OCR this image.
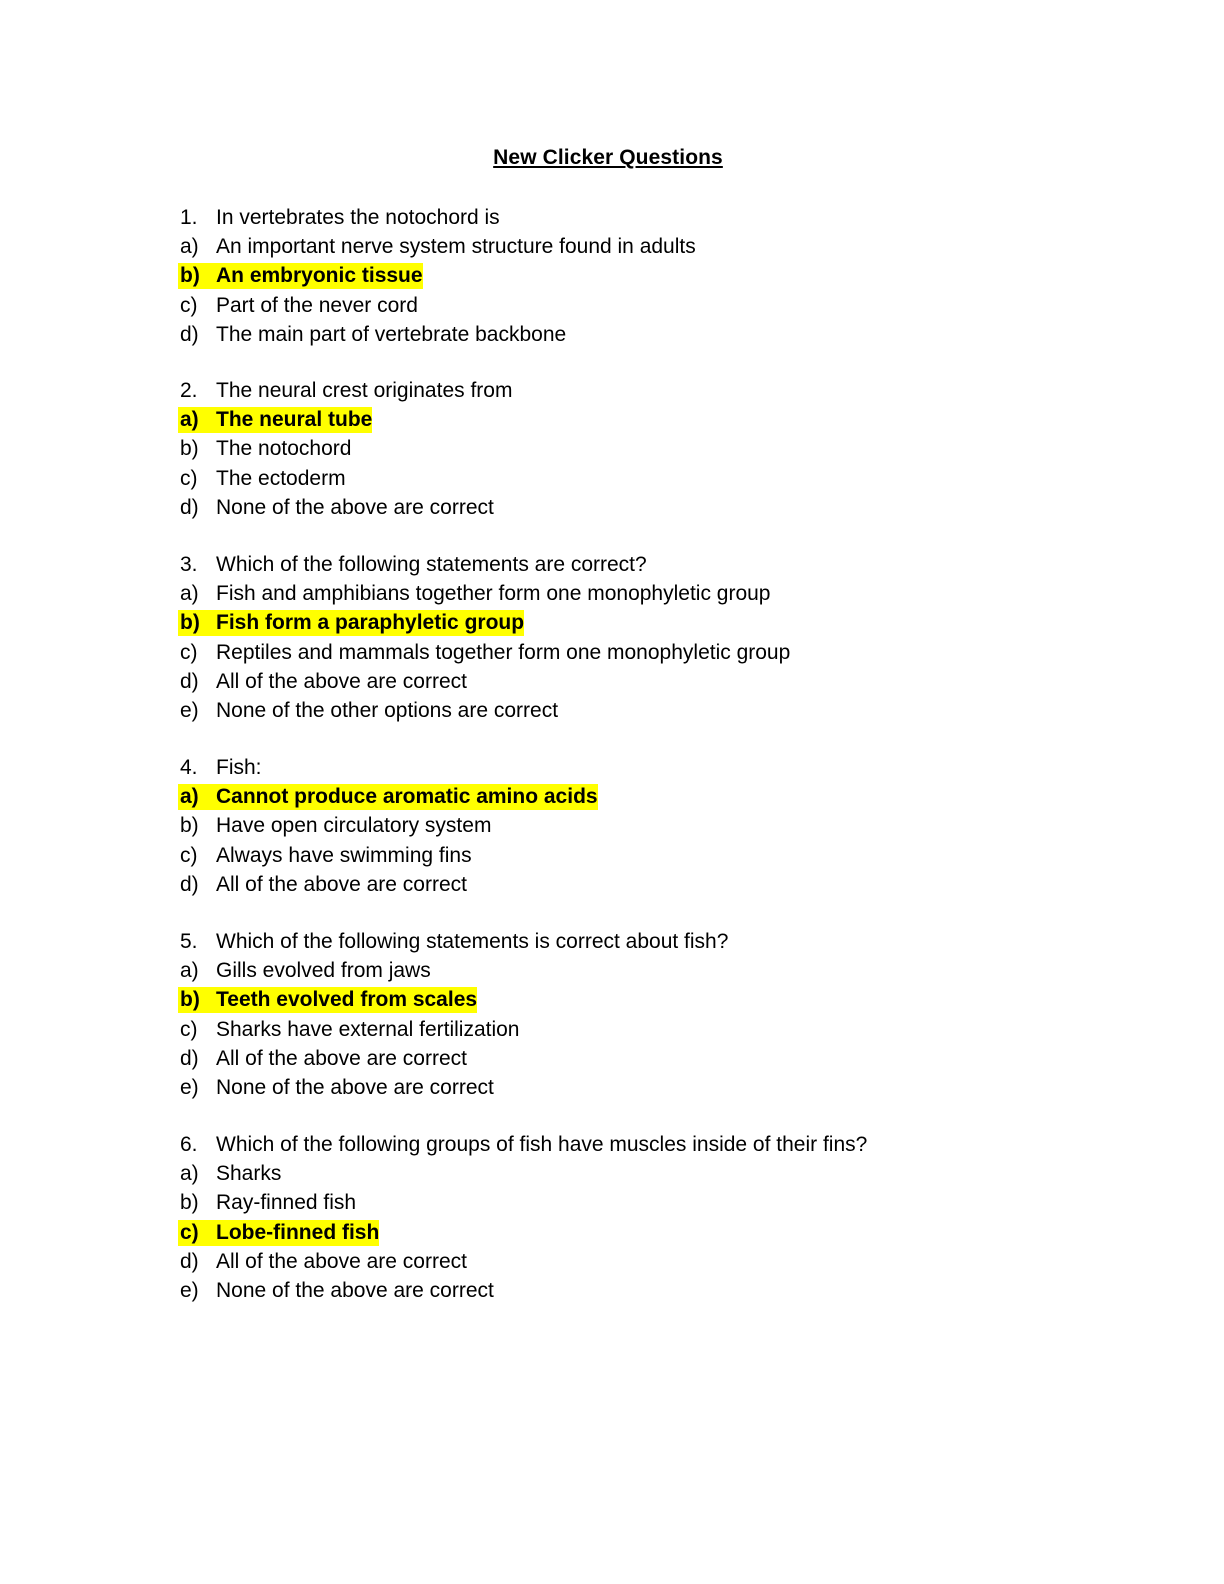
New Clicker Questions
1. In vertebrates the notochord is
a) An important nerve system structure found in adults
b) An embryonic tissue
c) Part of the never cord
d) The main part of vertebrate backbone
2. The neural crest originates from
a) The neural tube
b) The notochord
c) The ectoderm
d) None of the above are correct
3. Which of the following statements are correct?
a) Fish and amphibians together form one monophyletic group
b) Fish form a paraphyletic group
c) Reptiles and mammals together form one monophyletic group
d) All of the above are correct
e) None of the other options are correct
4. Fish:
a) Cannot produce aromatic amino acids
b) Have open circulatory system
c) Always have swimming fins
d) All of the above are correct
5. Which of the following statements is correct about fish?
a) Gills evolved from jaws
b) Teeth evolved from scales
c) Sharks have external fertilization
d) All of the above are correct
e) None of the above are correct
6. Which of the following groups of fish have muscles inside of their fins?
a) Sharks
b) Ray-finned fish
c) Lobe-finned fish
d) All of the above are correct
e) None of the above are correct
